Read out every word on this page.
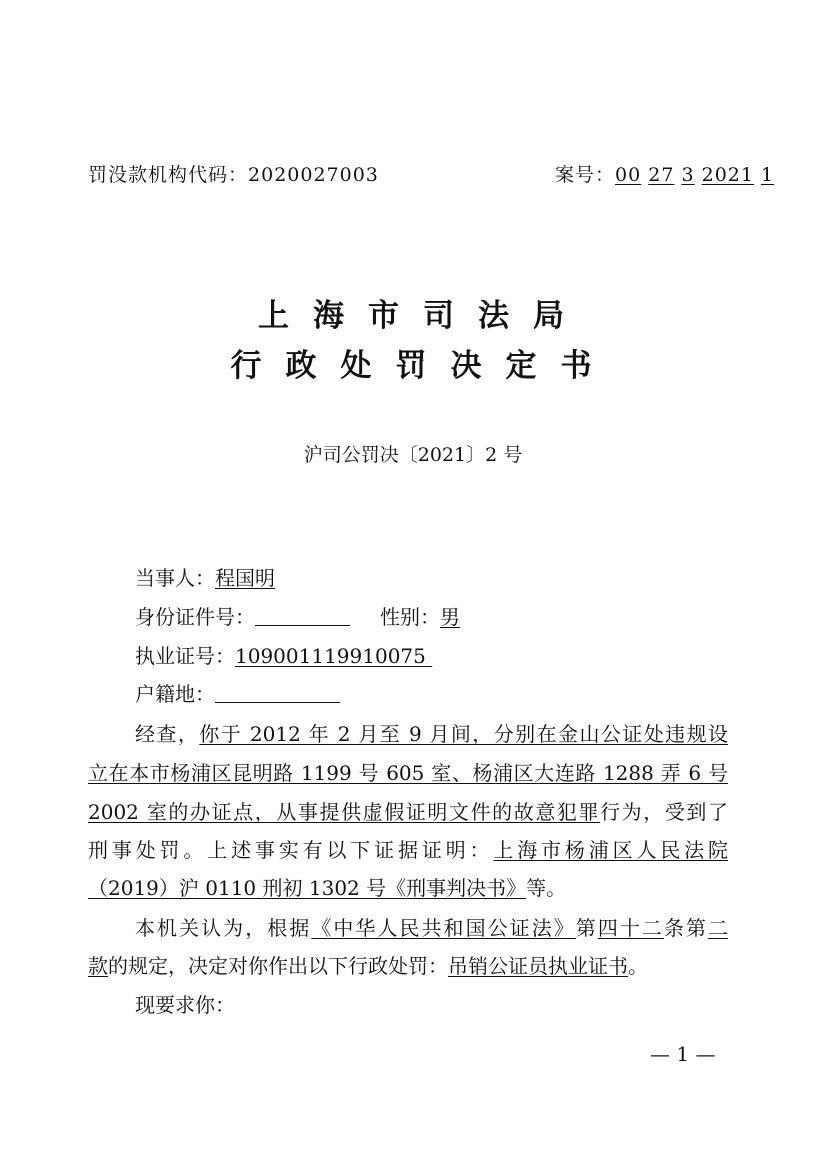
罚没款机构代码：2020027003	案号：00 27 3 2021 1
上海市司法局
行政处罚决定书
沪司公罚决〔2021〕2 号
当事人：程国明
身份证件号：	性别：男
执业证号：109001119910075
户籍地：
经查，你于 2012 年 2 月至 9 月间，分别在金山公证处违规设
立在本市杨浦区昆明路 1199 号 605 室、杨浦区大连路 1288 弄 6 号
2002 室的办证点，从事提供虚假证明文件的故意犯罪行为，受到了
刑事处罚。上述事实有以下证据证明：上海市杨浦区人民法院
（2019）沪 0110 刑初 1302 号《刑事判决书》等。
本机关认为，根据《中华人民共和国公证法》第四十二条第二
款的规定，决定对你作出以下行政处罚：吊销公证员执业证书。
现要求你：
— 1 —
